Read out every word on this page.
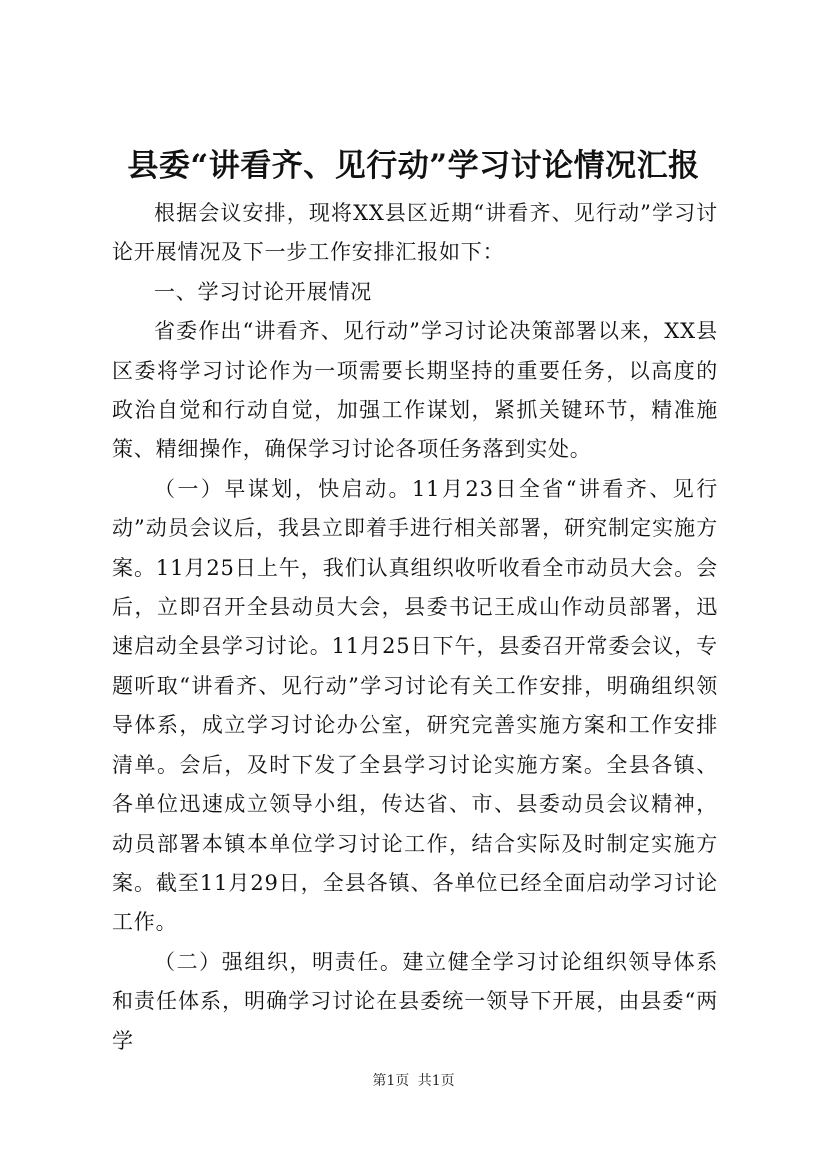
县委“讲看齐、见行动”学习讨论情况汇报

根据会议安排，现将XX县区近期“讲看齐、见行动”学习讨论开展情况及下一步工作安排汇报如下：

一、学习讨论开展情况

省委作出“讲看齐、见行动”学习讨论决策部署以来，XX县区委将学习讨论作为一项需要长期坚持的重要任务，以高度的政治自觉和行动自觉，加强工作谋划，紧抓关键环节，精准施策、精细操作，确保学习讨论各项任务落到实处。

（一）早谋划，快启动。11月23日全省“讲看齐、见行动”动员会议后，我县立即着手进行相关部署，研究制定实施方案。11月25日上午，我们认真组织收听收看全市动员大会。会后，立即召开全县动员大会，县委书记王成山作动员部署，迅速启动全县学习讨论。11月25日下午，县委召开常委会议，专题听取“讲看齐、见行动”学习讨论有关工作安排，明确组织领导体系，成立学习讨论办公室，研究完善实施方案和工作安排清单。会后，及时下发了全县学习讨论实施方案。全县各镇、各单位迅速成立领导小组，传达省、市、县委动员会议精神，动员部署本镇本单位学习讨论工作，结合实际及时制定实施方案。截至11月29日，全县各镇、各单位已经全面启动学习讨论工作。

（二）强组织，明责任。建立健全学习讨论组织领导体系和责任体系，明确学习讨论在县委统一领导下开展，由县委“两学

第1页 共1页
